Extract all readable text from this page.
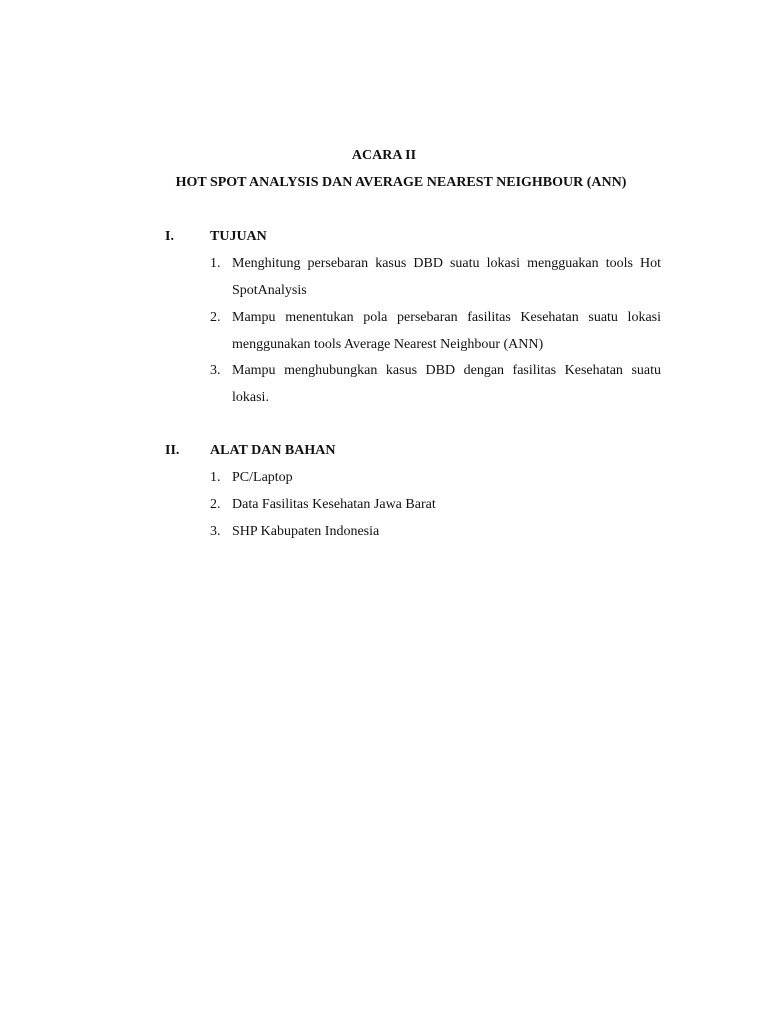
ACARA II
HOT SPOT ANALYSIS DAN AVERAGE NEAREST NEIGHBOUR (ANN)
I.	TUJUAN
1. Menghitung persebaran kasus DBD suatu lokasi mengguakan tools Hot SpotAnalysis
2. Mampu menentukan pola persebaran fasilitas Kesehatan suatu lokasi menggunakan tools Average Nearest Neighbour (ANN)
3. Mampu menghubungkan kasus DBD dengan fasilitas Kesehatan suatu lokasi.
II. ALAT DAN BAHAN
1. PC/Laptop
2. Data Fasilitas Kesehatan Jawa Barat
3. SHP Kabupaten Indonesia
